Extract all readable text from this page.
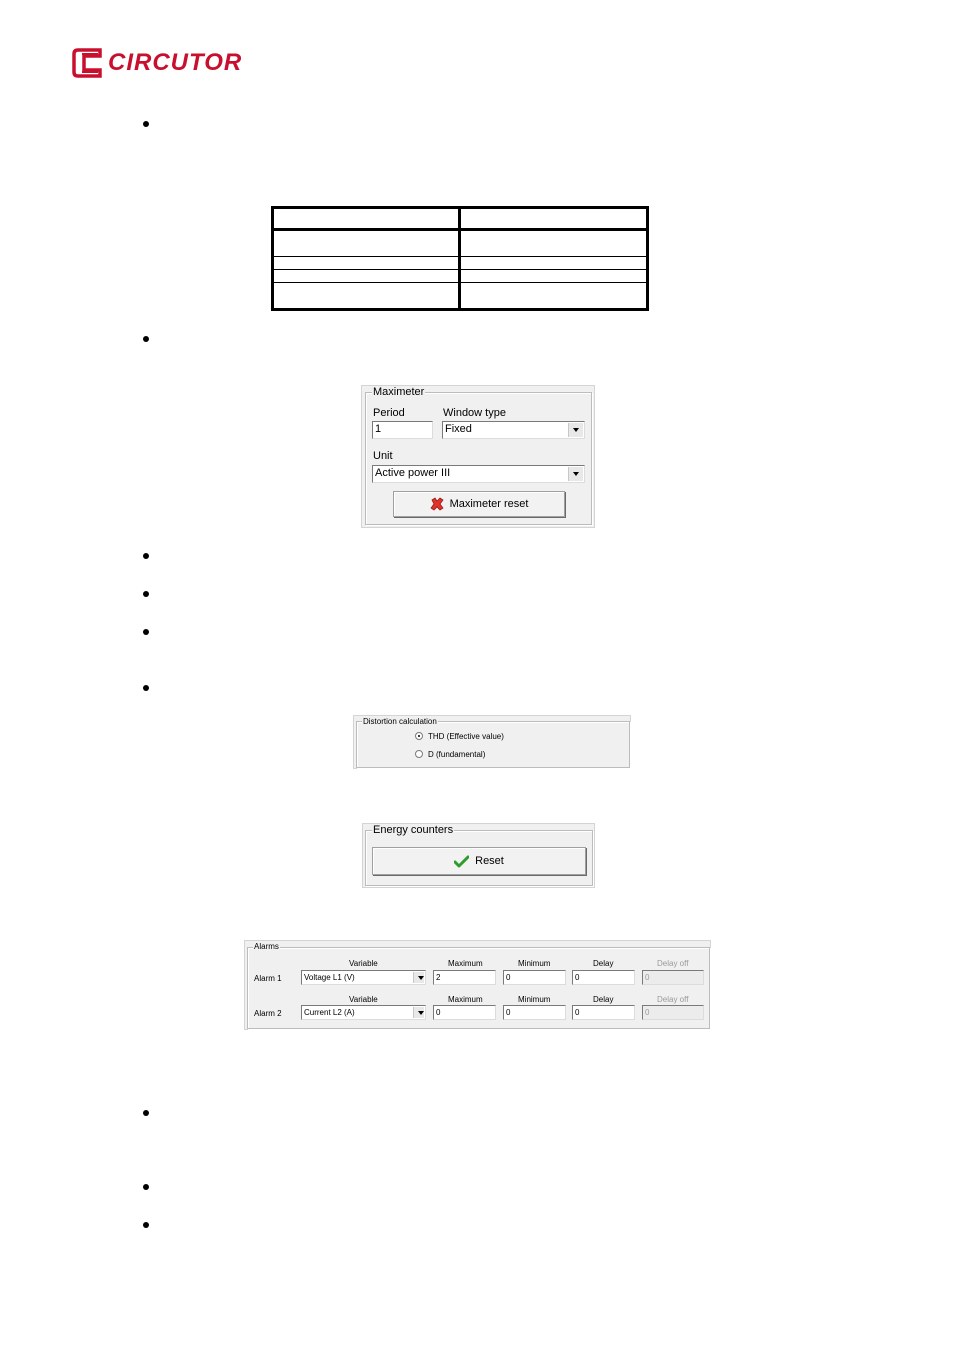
CIRCUTOR

Maximeter
Period	Window type
1	Fixed
Unit
Active power III
Maximeter reset
Distortion calculation
THD (Effective value)
D (fundamental)
Energy counters
Reset
Alarms
Variable	Maximum	Minimum	Delay	Delay off
Alarm 1	Voltage L1 (V)	2	0	0	0
Variable	Maximum	Minimum	Delay	Delay off
Alarm 2	Current L2 (A)	0	0	0	0
